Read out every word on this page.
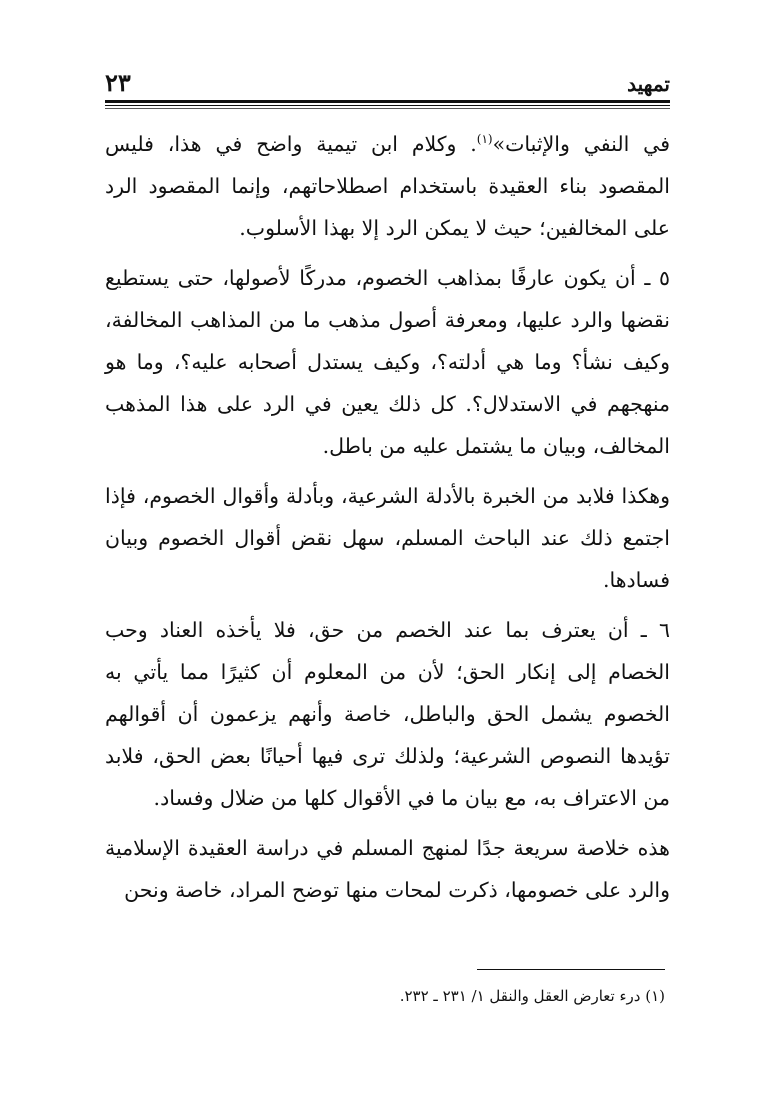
تمهيد
٢٣

في النفي والإثبات»$^{(١)}$. وكلام ابن تيمية واضح في هذا، فليس المقصود بناء العقيدة باستخدام اصطلاحاتهم، وإنما المقصود الرد على المخالفين؛ حيث لا يمكن الرد إلا بهذا الأسلوب.

٥ ـ أن يكون عارفًا بمذاهب الخصوم، مدركًا لأصولها، حتى يستطيع نقضها والرد عليها، ومعرفة أصول مذهب ما من المذاهب المخالفة، وكيف نشأ؟ وما هي أدلته؟، وكيف يستدل أصحابه عليه؟، وما هو منهجهم في الاستدلال؟. كل ذلك يعين في الرد على هذا المذهب المخالف، وبيان ما يشتمل عليه من باطل.

وهكذا فلابد من الخبرة بالأدلة الشرعية، وبأدلة وأقوال الخصوم، فإذا اجتمع ذلك عند الباحث المسلم، سهل نقض أقوال الخصوم وبيان فسادها.

٦ ـ أن يعترف بما عند الخصم من حق، فلا يأخذه العناد وحب الخصام إلى إنكار الحق؛ لأن من المعلوم أن كثيرًا مما يأتي به الخصوم يشمل الحق والباطل، خاصة وأنهم يزعمون أن أقوالهم تؤيدها النصوص الشرعية؛ ولذلك ترى فيها أحيانًا بعض الحق، فلابد من الاعتراف به، مع بيان ما في الأقوال كلها من ضلال وفساد.

هذه خلاصة سريعة جدًا لمنهج المسلم في دراسة العقيدة الإسلامية والرد على خصومها، ذكرت لمحات منها توضح المراد، خاصة ونحن

(١) درء تعارض العقل والنقل ١/ ٢٣١ ـ ٢٣٢.
